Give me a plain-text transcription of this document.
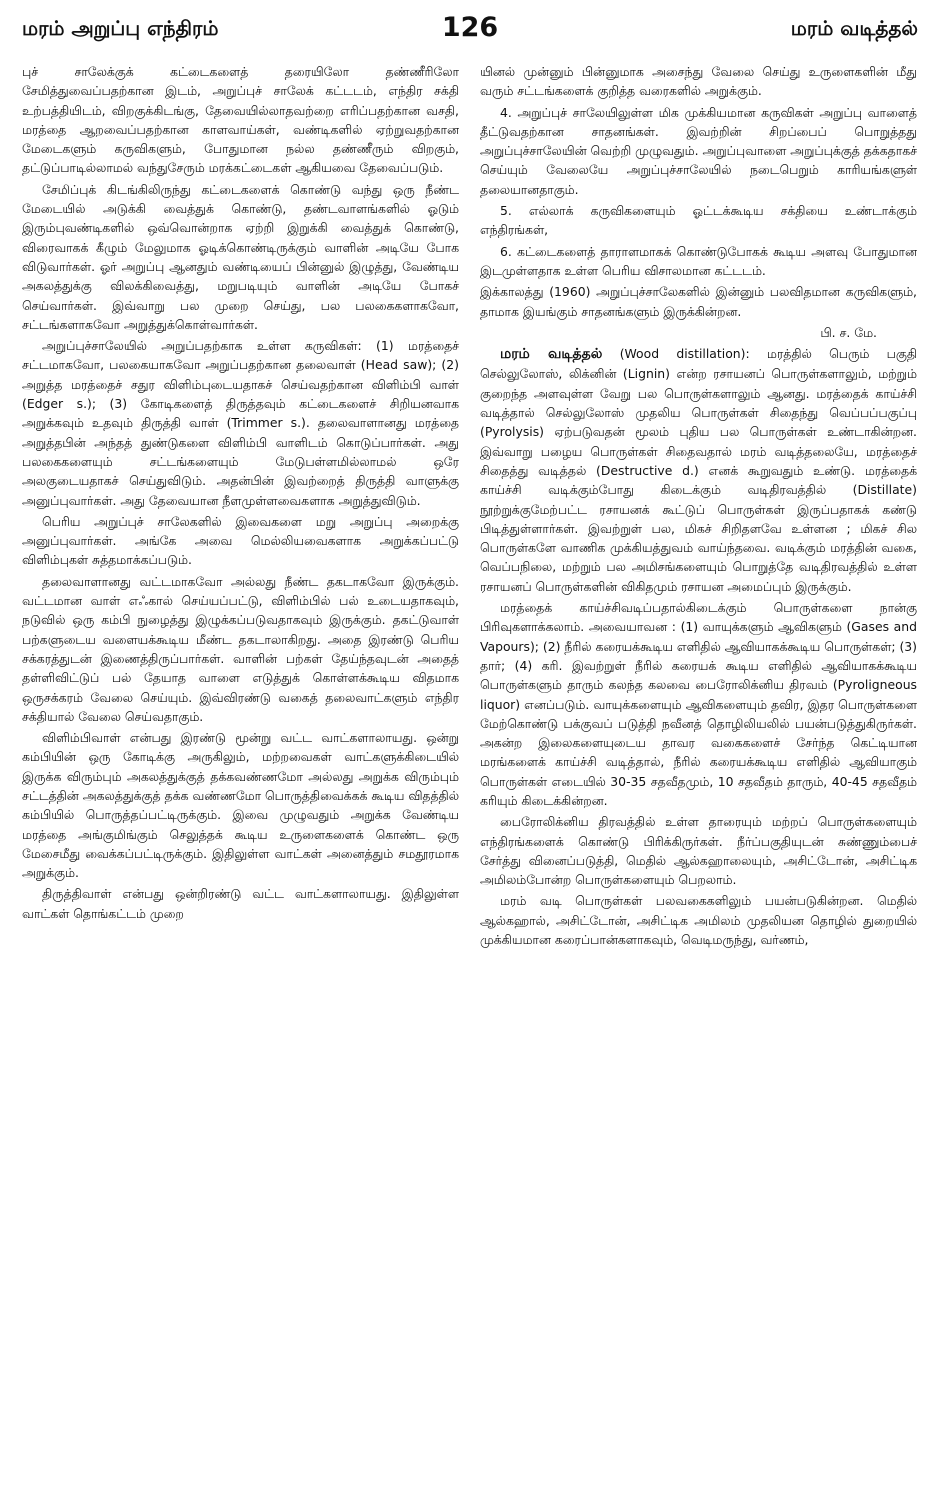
மரம் அறுப்பு எந்திரம்	126	மரம் வடித்தல்

புச் சாலேக்குக் கட்டைகளைத் தரையிலோ தண்ணீரிலோ சேமித்துவைப்பதற்கான இடம், அறுப்புச் சாலேக் கட்டடம், எந்திர சக்தி உற்பத்தியிடம், விறகுக்கிடங்கு, தேவையில்லாதவற்றை எரிப்பதற்கான வசதி, மரத்தை ஆறவைப்பதற்கான காளவாய்கள், வண்டிகளில் ஏற்றுவதற்கான மேடைகளும் கருவிகளும், போதுமான நல்ல தண்ணீரும் விறகும், தட்டுப்பாடில்லாமல் வந்துசேரும் மரக்கட்டைகள் ஆகியவை தேவைப்படும்.

சேமிப்புக் கிடங்கிலிருந்து கட்டைகளைக் கொண்டு வந்து ஒரு நீண்ட மேடையில் அடுக்கி வைத்துக் கொண்டு, தண்டவாளங்களில் ஓடும் இரும்புவண்டிகளில் ஒவ்வொன்றாக ஏற்றி இறுக்கி வைத்துக் கொண்டு, விரைவாகக் கீழும் மேலுமாக ஓடிக்கொண்டிருக்கும் வாளின் அடியே போக விடுவார்கள். ஓர் அறுப்பு ஆனதும் வண்டியைப் பின்னுல் இழுத்து, வேண்டிய அகலத்துக்கு விலக்கிவைத்து, மறுபடியும் வாளின் அடியே போகச் செய்வார்கள். இவ்வாறு பல முறை செய்து, பல பலகைகளாகவோ, சட்டங்களாகவோ அறுத்துக்கொள்வார்கள்.

அறுப்புச்சாலேயில் அறுப்பதற்காக உள்ள கருவிகள்: (1) மரத்தைச் சட்டமாகவோ, பலகையாகவோ அறுப்பதற்கான தலைவாள் (Head saw); (2) அறுத்த மரத்தைச் சதுர விளிம்புடையதாகச் செய்வதற்கான விளிம்பி வாள் (Edger s.); (3) கோடிகளைத் திருத்தவும் கட்டைகளைச் சிறியனவாக அறுக்கவும் உதவும் திருத்தி வாள் (Trimmer s.). தலைவாளானது மரத்தை அறுத்தபின் அந்தத் துண்டுகளை விளிம்பி வாளிடம் கொடுப்பார்கள். அது பலகைகளையும் சட்டங்களையும் மேடுபள்ளமில்லாமல் ஒரே அலகுடையதாகச் செய்துவிடும். அதன்பின் இவற்றைத் திருத்தி வாளுக்கு அனுப்புவார்கள். அது தேவையான நீளமுள்ளவைகளாக அறுத்துவிடும்.

பெரிய அறுப்புச் சாலேகளில் இவைகளை மறு அறுப்பு அறைக்கு அனுப்புவார்கள். அங்கே அவை மெல்லியவைகளாக அறுக்கப்பட்டு விளிம்புகள் சுத்தமாக்கப்படும்.

தலைவாளானது வட்டமாகவோ அல்லது நீண்ட தகடாகவோ இருக்கும். வட்டமான வாள் எஃகால் செய்யப்பட்டு, விளிம்பில் பல் உடையதாகவும், நடுவில் ஒரு கம்பி நுழைத்து இழுக்கப்படுவதாகவும் இருக்கும். தகட்டுவாள் பற்களுடைய வளையக்கூடிய மீண்ட தகடாலாகிறது. அதை இரண்டு பெரிய சக்கரத்துடன் இணைத்திருப்பார்கள். வாளின் பற்கள் தேய்ந்தவுடன் அதைத் தள்ளிவிட்டுப் பல் தேயாத வாளை எடுத்துக் கொள்ளக்கூடிய விதமாக ஒருசக்கரம் வேலை செய்யும். இவ்விரண்டு வகைத் தலைவாட்களும் எந்திர சக்தியால் வேலை செய்வதாகும்.

விளிம்பிவாள் என்பது இரண்டு மூன்று வட்ட வாட்களாலாயது. ஒன்று கம்பியின் ஒரு கோடிக்கு அருகிலும், மற்றவைகள் வாட்களுக்கிடையில் இருக்க விரும்பும் அகலத்துக்குத் தக்கவண்ணமோ அல்லது அறுக்க விரும்பும் சட்டத்தின் அகலத்துக்குத் தக்க வண்ணமோ பொருத்திவைக்கக் கூடிய விதத்தில் கம்பியில் பொருத்தப்பட்டிருக்கும். இவை முழுவதும் அறுக்க வேண்டிய மரத்தை அங்குமிங்கும் செலுத்தக் கூடிய உருளைகளைக் கொண்ட ஒரு மேசைமீது வைக்கப்பட்டிருக்கும். இதிலுள்ள வாட்கள் அனைத்தும் சமதூரமாக அறுக்கும்.

திருத்திவாள் என்பது ஒன்றிரண்டு வட்ட வாட்களாலாயது. இதிலுள்ள வாட்கள் தொங்கட்டம் முறை

யினல் முன்னும் பின்னுமாக அசைந்து வேலை செய்து உருளைகளின் மீது வரும் சட்டங்களைக் குறித்த வரைகளில் அறுக்கும்.

4. அறுப்புச் சாலேயிலுள்ள மிக முக்கியமான கருவிகள் அறுப்பு வாளைத் தீட்டுவதற்கான சாதனங்கள். இவற்றின் சிறப்பைப் பொறுத்தது அறுப்புச்சாலேயின் வெற்றி முழுவதும். அறுப்புவாளை அறுப்புக்குத் தக்கதாகச் செய்யும் வேலையே அறுப்புச்சாலேயில் நடைபெறும் காரியங்களுள் தலையானதாகும்.

5. எல்லாக் கருவிகளையும் ஓட்டக்கூடிய சக்தியை உண்டாக்கும் எந்திரங்கள்,

6. கட்டைகளைத் தாராளமாகக் கொண்டுபோகக் கூடிய அளவு போதுமான இடமுள்ளதாக உள்ள பெரிய விசாலமான கட்டடம்.

இக்காலத்து (1960) அறுப்புச்சாலேகளில் இன்னும் பலவிதமான கருவிகளும், தாமாக இயங்கும் சாதனங்களும் இருக்கின்றன.

பி. ச. மே.

மரம் வடித்தல் (Wood distillation): மரத்தில் பெரும் பகுதி செல்லுலோஸ், லிக்னின் (Lignin) என்ற ரசாயனப் பொருள்களாலும், மற்றும் குறைந்த அளவுள்ள வேறு பல பொருள்களாலும் ஆனது. மரத்தைக் காய்ச்சி வடித்தால் செல்லுலோஸ் முதலிய பொருள்கள் சிதைந்து வெப்பப்பகுப்பு (Pyrolysis) ஏற்படுவதன் மூலம் புதிய பல பொருள்கள் உண்டாகின்றன. இவ்வாறு பழைய பொருள்கள் சிதைவதால் மரம் வடித்தலையே, மரத்தைச் சிதைத்து வடித்தல் (Destructive d.) எனக் கூறுவதும் உண்டு. மரத்தைக் காய்ச்சி வடிக்கும்போது கிடைக்கும் வடிதிரவத்தில் (Distillate) நூற்றுக்குமேற்பட்ட ரசாயனக் கூட்டுப் பொருள்கள் இருப்பதாகக் கண்டு பிடித்துள்ளார்கள். இவற்றுள் பல, மிகச் சிறிதளவே உள்ளன ; மிகச் சில பொருள்களே வாணிக முக்கியத்துவம் வாய்ந்தவை. வடிக்கும் மரத்தின் வகை, வெப்பநிலை, மற்றும் பல அமிசங்களையும் பொறுத்தே வடிதிரவத்தில் உள்ள ரசாயனப் பொருள்களின் விகிதமும் ரசாயன அமைப்பும் இருக்கும்.

மரத்தைக் காய்ச்சிவடிப்பதால்கிடைக்கும் பொருள்களை நான்கு பிரிவுகளாக்கலாம். அவையாவன : (1) வாயுக்களும் ஆவிகளும் (Gases and Vapours); (2) நீரில் கரையக்கூடிய எளிதில் ஆவியாகக்கூடிய பொருள்கள்; (3) தார்; (4) கரி. இவற்றுள் நீரில் கரையக் கூடிய எளிதில் ஆவியாகக்கூடிய பொருள்களும் தாரும் கலந்த கலவை பைரோலிக்னிய திரவம் (Pyroligneous liquor) எனப்படும். வாயுக்களையும் ஆவிகளையும் தவிர, இதர பொருள்களை மேற்கொண்டு பக்குவப் படுத்தி நவீனத் தொழிலியலில் பயன்படுத்துகிருர்கள். அகன்ற இலைகளையுடைய தாவர வகைகளைச் சேர்ந்த கெட்டியான மரங்களைக் காய்ச்சி வடித்தால், நீரில் கரையக்கூடிய எளிதில் ஆவியாகும் பொருள்கள் எடையில் 30-35 சதவீதமும், 10 சதவீதம் தாரும், 40-45 சதவீதம் கரியும் கிடைக்கின்றன.

பைரோலிக்னிய திரவத்தில் உள்ள தாரையும் மற்றப் பொருள்களையும் எந்திரங்களைக் கொண்டு பிரிக்கிருர்கள். நீர்ப்பகுதியுடன் சுண்ணும்பைச் சேர்த்து வினைப்படுத்தி, மெதில் ஆல்கஹாலையும், அசிட்டோன், அசிட்டிக அமிலம்போன்ற பொருள்களையும் பெறலாம்.

மரம் வடி பொருள்கள் பலவகைகளிலும் பயன்படுகின்றன. மெதில் ஆல்கஹால், அசிட்டோன், அசிட்டிக அமிலம் முதலியன தொழில் துறையில் முக்கியமான கரைப்பான்களாகவும், வெடிமருந்து, வர்ணம்,
